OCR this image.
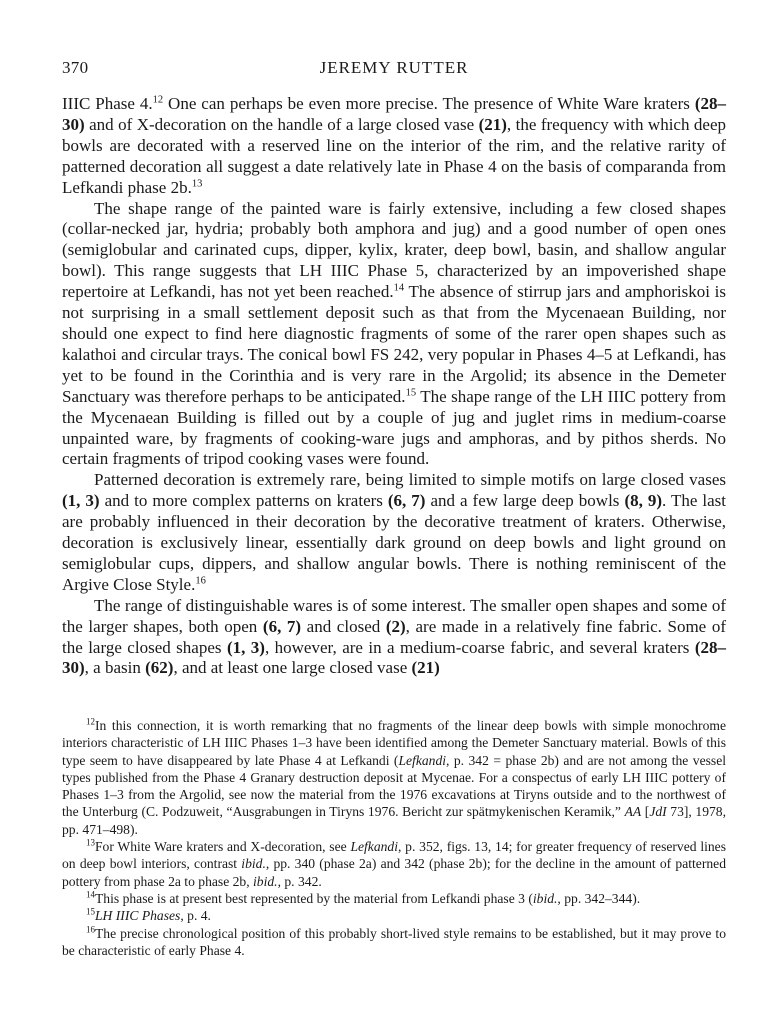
370	JEREMY RUTTER

IIIC Phase 4.12 One can perhaps be even more precise. The presence of White Ware kraters (28–30) and of X-decoration on the handle of a large closed vase (21), the frequency with which deep bowls are decorated with a reserved line on the interior of the rim, and the relative rarity of patterned decoration all suggest a date relatively late in Phase 4 on the basis of comparanda from Lefkandi phase 2b.$^{13}$

The shape range of the painted ware is fairly extensive, including a few closed shapes (collar-necked jar, hydria; probably both amphora and jug) and a good number of open ones (semiglobular and carinated cups, dipper, kylix, krater, deep bowl, basin, and shallow angular bowl). This range suggests that LH IIIC Phase 5, characterized by an impoverished shape repertoire at Lefkandi, has not yet been reached.$^{14}$ The absence of stirrup jars and amphoriskoi is not surprising in a small settlement deposit such as that from the Mycenaean Building, nor should one expect to find here diagnostic fragments of some of the rarer open shapes such as kalathoi and circular trays. The conical bowl FS 242, very popular in Phases 4–5 at Lefkandi, has yet to be found in the Corinthia and is very rare in the Argolid; its absence in the Demeter Sanctuary was therefore perhaps to be anticipated.$^{15}$ The shape range of the LH IIIC pottery from the Mycenaean Building is filled out by a couple of jug and juglet rims in medium-coarse unpainted ware, by fragments of cooking-ware jugs and amphoras, and by pithos sherds. No certain fragments of tripod cooking vases were found.

Patterned decoration is extremely rare, being limited to simple motifs on large closed vases (1, 3) and to more complex patterns on kraters (6, 7) and a few large deep bowls (8, 9). The last are probably influenced in their decoration by the decorative treatment of kraters. Otherwise, decoration is exclusively linear, essentially dark ground on deep bowls and light ground on semiglobular cups, dippers, and shallow angular bowls. There is nothing reminiscent of the Argive Close Style.$^{16}$

The range of distinguishable wares is of some interest. The smaller open shapes and some of the larger shapes, both open (6, 7) and closed (2), are made in a relatively fine fabric. Some of the large closed shapes (1, 3), however, are in a medium-coarse fabric, and several kraters (28–30), a basin (62), and at least one large closed vase (21)

$^{12}$In this connection, it is worth remarking that no fragments of the linear deep bowls with simple monochrome interiors characteristic of LH IIIC Phases 1–3 have been identified among the Demeter Sanctuary material. Bowls of this type seem to have disappeared by late Phase 4 at Lefkandi (Lefkandi, p. 342 = phase 2b) and are not among the vessel types published from the Phase 4 Granary destruction deposit at Mycenae. For a conspectus of early LH IIIC pottery of Phases 1–3 from the Argolid, see now the material from the 1976 excavations at Tiryns outside and to the northwest of the Unterburg (C. Podzuweit, “Ausgrabungen in Tiryns 1976. Bericht zur spätmykenischen Keramik,” AA [JdI 73], 1978, pp. 471–498).

$^{13}$For White Ware kraters and X-decoration, see Lefkandi, p. 352, figs. 13, 14; for greater frequency of reserved lines on deep bowl interiors, contrast ibid., pp. 340 (phase 2a) and 342 (phase 2b); for the decline in the amount of patterned pottery from phase 2a to phase 2b, ibid., p. 342.

$^{14}$This phase is at present best represented by the material from Lefkandi phase 3 (ibid., pp. 342–344).

$^{15}$LH IIIC Phases, p. 4.

$^{16}$The precise chronological position of this probably short-lived style remains to be established, but it may prove to be characteristic of early Phase 4.
